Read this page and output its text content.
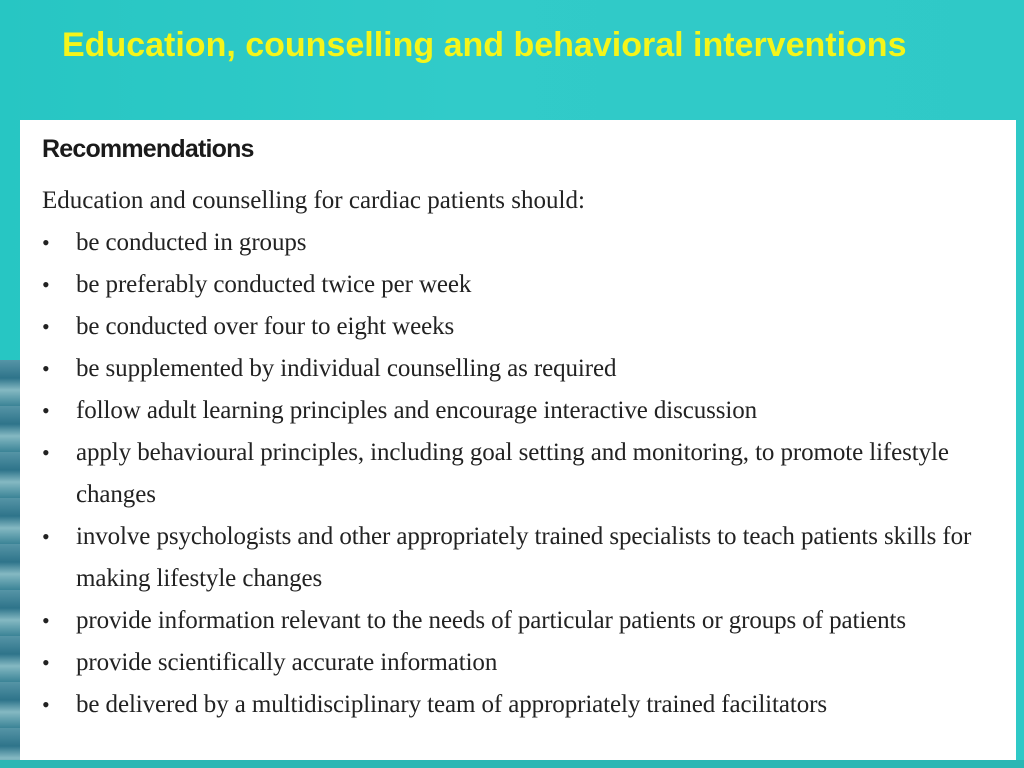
Education, counselling and behavioral interventions
Recommendations

Education and counselling for cardiac patients should:

•	be conducted in groups
•	be preferably conducted twice per week
•	be conducted over four to eight weeks
•	be supplemented by individual counselling as required
•	follow adult learning principles and encourage interactive discussion
•	apply behavioural principles, including goal setting and monitoring, to promote lifestyle changes
•	involve psychologists and other appropriately trained specialists to teach patients skills for making lifestyle changes
•	provide information relevant to the needs of particular patients or groups of patients
•	provide scientifically accurate information
•	be delivered by a multidisciplinary team of appropriately trained facilitators
